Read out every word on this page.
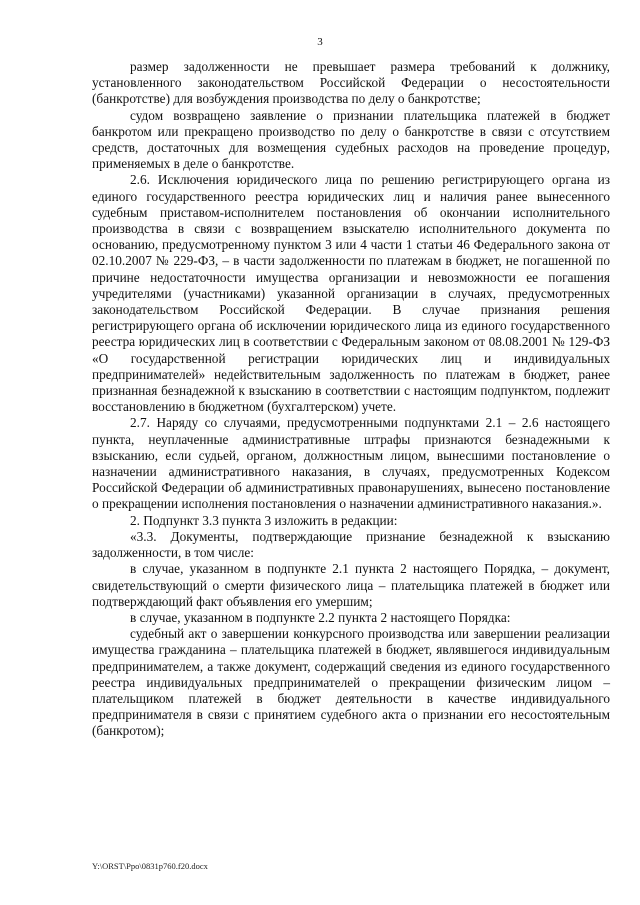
3

размер задолженности не превышает размера требований к должнику, установленного законодательством Российской Федерации о несостоятельности (банкротстве) для возбуждения производства по делу о банкротстве;

судом возвращено заявление о признании плательщика платежей в бюджет банкротом или прекращено производство по делу о банкротстве в связи с отсутствием средств, достаточных для возмещения судебных расходов на проведение процедур, применяемых в деле о банкротстве.

2.6. Исключения юридического лица по решению регистрирующего органа из единого государственного реестра юридических лиц и наличия ранее вынесенного судебным приставом-исполнителем постановления об окончании исполнительного производства в связи с возвращением взыскателю исполнительного документа по основанию, предусмотренному пунктом 3 или 4 части 1 статьи 46 Федерального закона от 02.10.2007 № 229-ФЗ, – в части задолженности по платежам в бюджет, не погашенной по причине недостаточности имущества организации и невозможности ее погашения учредителями (участниками) указанной организации в случаях, предусмотренных законодательством Российской Федерации. В случае признания решения регистрирующего органа об исключении юридического лица из единого государственного реестра юридических лиц в соответствии с Федеральным законом от 08.08.2001 № 129-ФЗ «О государственной регистрации юридических лиц и индивидуальных предпринимателей» недействительным задолженность по платежам в бюджет, ранее признанная безнадежной к взысканию в соответствии с настоящим подпунктом, подлежит восстановлению в бюджетном (бухгалтерском) учете.

2.7. Наряду со случаями, предусмотренными подпунктами 2.1 – 2.6 настоящего пункта, неуплаченные административные штрафы признаются безнадежными к взысканию, если судьей, органом, должностным лицом, вынесшими постановление о назначении административного наказания, в случаях, предусмотренных Кодексом Российской Федерации об административных правонарушениях, вынесено постановление о прекращении исполнения постановления о назначении административного наказания.».

2. Подпункт 3.3 пункта 3 изложить в редакции:

«3.3. Документы, подтверждающие признание безнадежной к взысканию задолженности, в том числе:

в случае, указанном в подпункте 2.1 пункта 2 настоящего Порядка, – документ, свидетельствующий о смерти физического лица – плательщика платежей в бюджет или подтверждающий факт объявления его умершим;

в случае, указанном в подпункте 2.2 пункта 2 настоящего Порядка:

судебный акт о завершении конкурсного производства или завершении реализации имущества гражданина – плательщика платежей в бюджет, являвшегося индивидуальным предпринимателем, а также документ, содержащий сведения из единого государственного реестра индивидуальных предпринимателей о прекращении физическим лицом – плательщиком платежей в бюджет деятельности в качестве индивидуального предпринимателя в связи с принятием судебного акта о признании его несостоятельным (банкротом);

Y:\ORST\Ppo\0831p760.f20.docx
